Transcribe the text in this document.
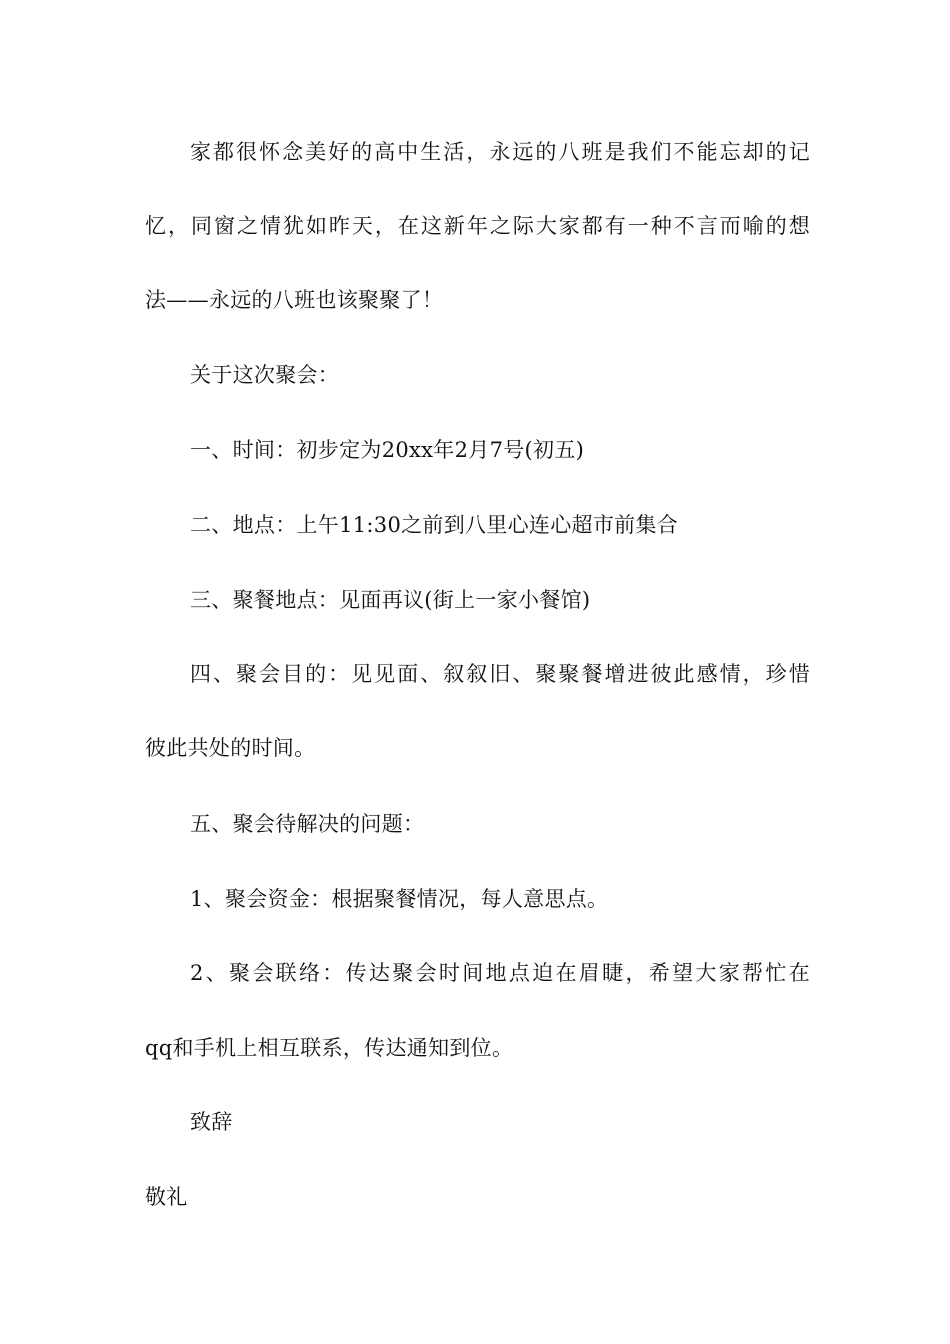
家都很怀念美好的高中生活，永远的八班是我们不能忘却的记
忆，同窗之情犹如昨天，在这新年之际大家都有一种不言而喻的想
法——永远的八班也该聚聚了！
关于这次聚会：
一、时间：初步定为20xx年2月7号(初五)
二、地点：上午11:30之前到八里心连心超市前集合
三、聚餐地点：见面再议(街上一家小餐馆)
四、聚会目的：见见面、叙叙旧、聚聚餐增进彼此感情，珍惜
彼此共处的时间。
五、聚会待解决的问题：
1、聚会资金：根据聚餐情况，每人意思点。
2、聚会联络：传达聚会时间地点迫在眉睫，希望大家帮忙在
qq和手机上相互联系，传达通知到位。
致辞
敬礼
